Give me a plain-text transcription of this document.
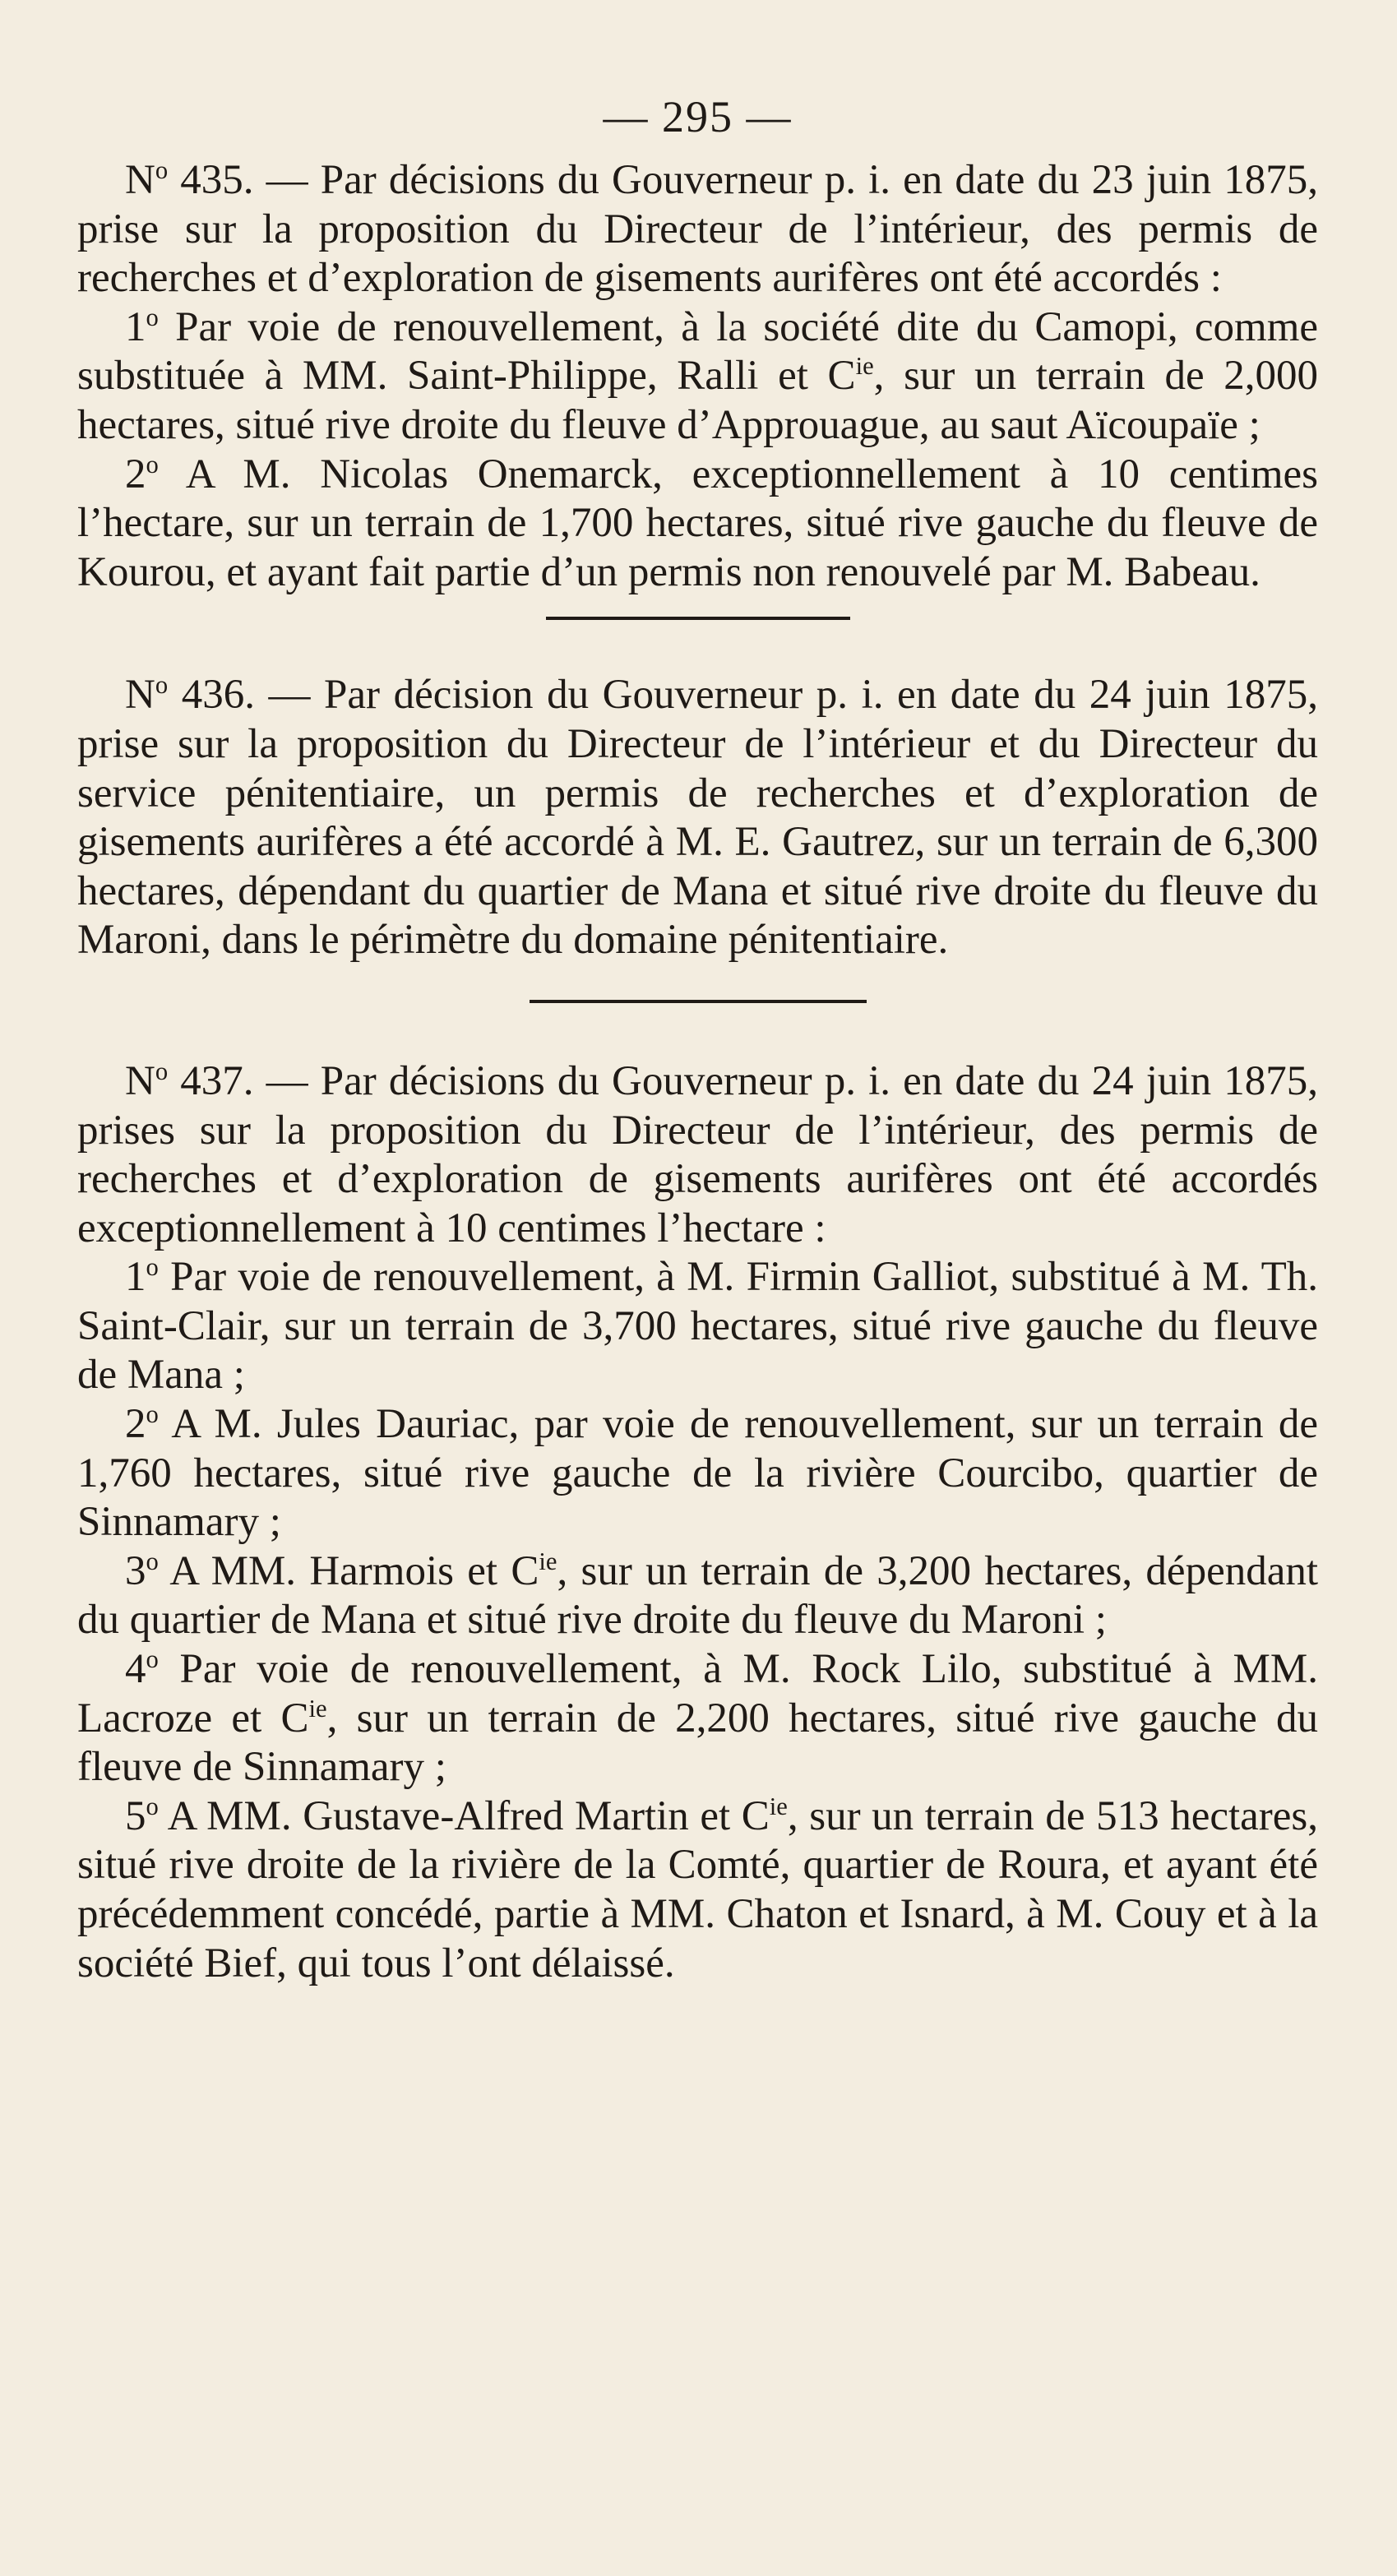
— 295 —

$N^o$ 435. — Par décisions du Gouverneur p. i. en date du 23 juin 1875, prise sur la proposition du Directeur de l’intérieur, des permis de recherches et d’exploration de gisements aurifères ont été accordés :

1$^o$ Par voie de renouvellement, à la société dite du Camopi, comme substituée à MM. Saint-Philippe, Ralli et $C^{ie}$, sur un terrain de 2,000 hectares, situé rive droite du fleuve d’Approuague, au saut Aïcoupaïe ;

2$^o$ A M. Nicolas Onemarck, exceptionnellement à 10 centimes l’hectare, sur un terrain de 1,700 hectares, situé rive gauche du fleuve de Kourou, et ayant fait partie d’un permis non renouvelé par M. Babeau.

$N^o$ 436. — Par décision du Gouverneur p. i. en date du 24 juin 1875, prise sur la proposition du Directeur de l’intérieur et du Directeur du service pénitentiaire, un permis de recherches et d’exploration de gisements aurifères a été accordé à M. E. Gautrez, sur un terrain de 6,300 hectares, dépendant du quartier de Mana et situé rive droite du fleuve du Maroni, dans le périmètre du domaine pénitentiaire.

$N^o$ 437. — Par décisions du Gouverneur p. i. en date du 24 juin 1875, prises sur la proposition du Directeur de l’intérieur, des permis de recherches et d’exploration de gisements aurifères ont été accordés exceptionnellement à 10 centimes l’hectare :

1$^o$ Par voie de renouvellement, à M. Firmin Galliot, substitué à M. Th. Saint-Clair, sur un terrain de 3,700 hectares, situé rive gauche du fleuve de Mana ;

2$^o$ A M. Jules Dauriac, par voie de renouvellement, sur un terrain de 1,760 hectares, situé rive gauche de la rivière Courcibo, quartier de Sinnamary ;

3$^o$ A MM. Harmois et $C^{ie}$, sur un terrain de 3,200 hectares, dépendant du quartier de Mana et situé rive droite du fleuve du Maroni ;

4$^o$ Par voie de renouvellement, à M. Rock Lilo, substitué à MM. Lacroze et $C^{ie}$, sur un terrain de 2,200 hectares, situé rive gauche du fleuve de Sinnamary ;

5$^o$ A MM. Gustave-Alfred Martin et $C^{ie}$, sur un terrain de 513 hectares, situé rive droite de la rivière de la Comté, quartier de Roura, et ayant été précédemment concédé, partie à MM. Chaton et Isnard, à M. Couy et à la société Bief, qui tous l’ont délaissé.
